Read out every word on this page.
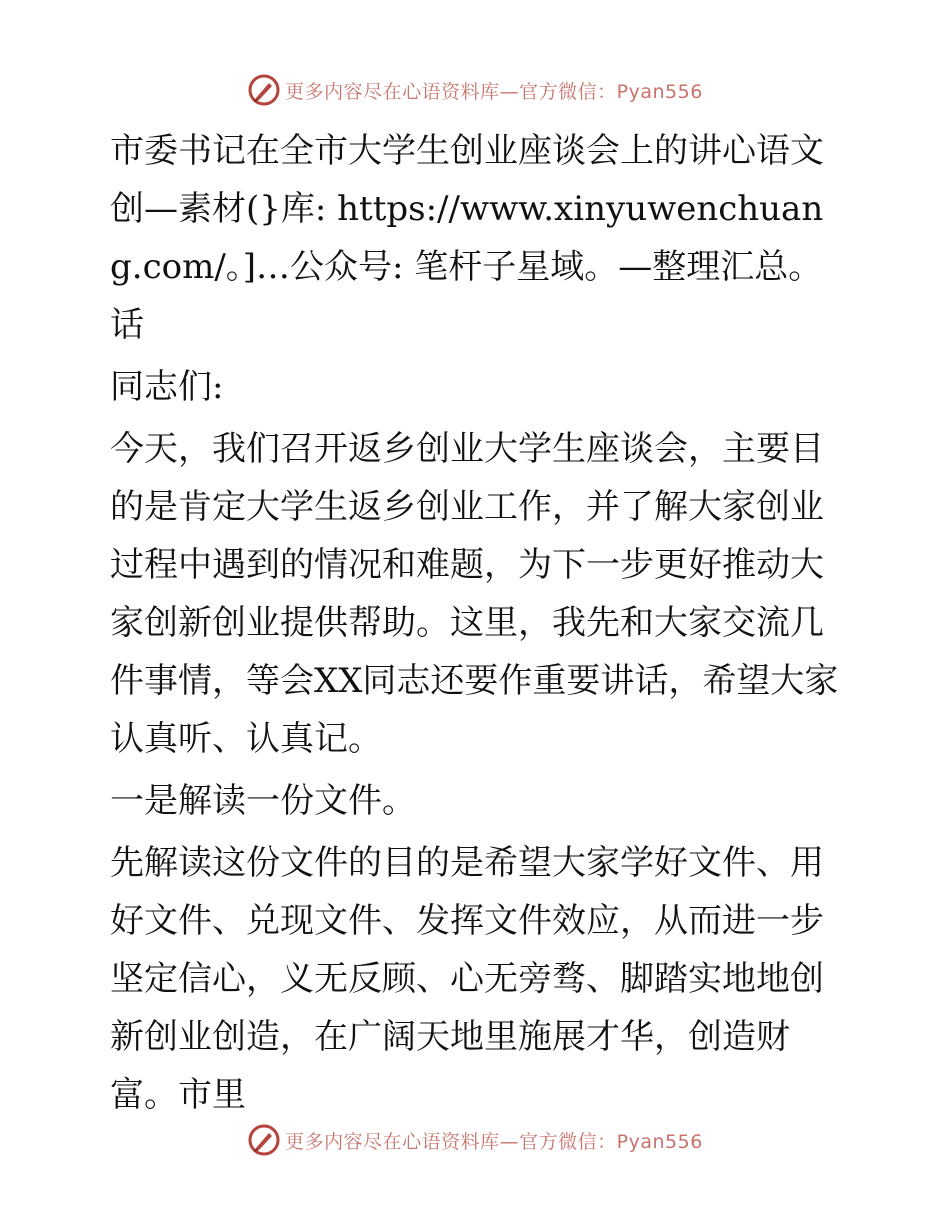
更多内容尽在心语资料库—官方微信：Pyan556

市委书记在全市大学生创业座谈会上的讲心语文创—素材(}库: https://www.xinyuwenchuang.com/。]…公众号: 笔杆子星域。—整理汇总。话

同志们:

今天，我们召开返乡创业大学生座谈会，主要目的是肯定大学生返乡创业工作，并了解大家创业过程中遇到的情况和难题，为下一步更好推动大家创新创业提供帮助。这里，我先和大家交流几件事情，等会XX同志还要作重要讲话，希望大家认真听、认真记。

一是解读一份文件。

先解读这份文件的目的是希望大家学好文件、用好文件、兑现文件、发挥文件效应，从而进一步坚定信心，义无反顾、心无旁骛、脚踏实地地创新创业创造，在广阔天地里施展才华，创造财富。市里

更多内容尽在心语资料库—官方微信：Pyan556
